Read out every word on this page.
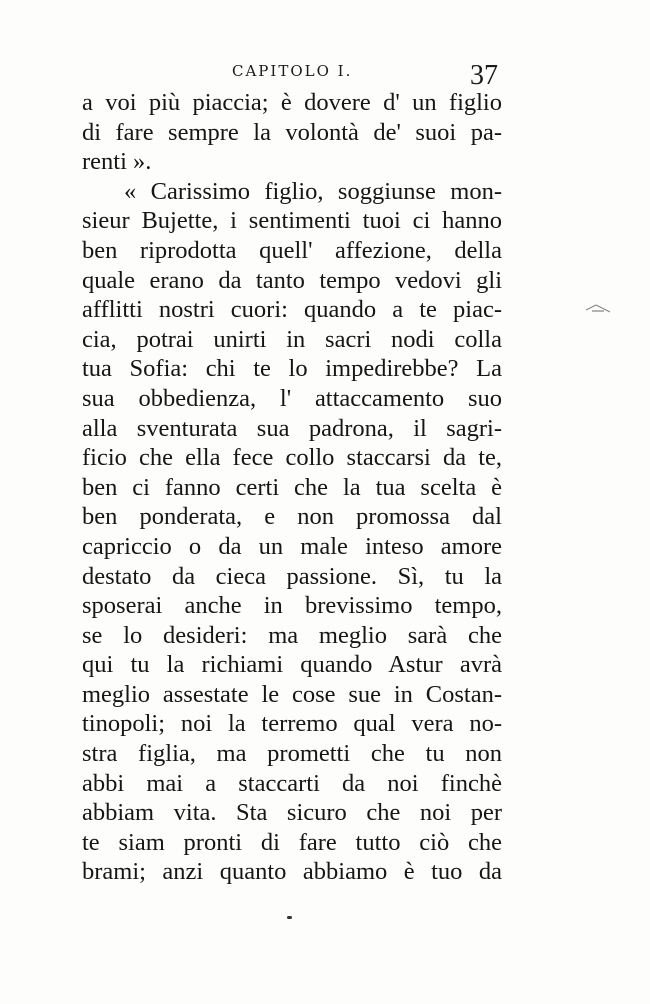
CAPITOLO I.	37
a voi più piaccia; è dovere d' un figlio
di fare sempre la volontà de' suoi pa-
renti ».
« Carissimo figlio, soggiunse mon-
sieur Bujette, i sentimenti tuoi ci hanno
ben riprodotta quell' affezione, della
quale erano da tanto tempo vedovi gli
afflitti nostri cuori: quando a te piac-
cia, potrai unirti in sacri nodi colla
tua Sofia: chi te lo impedirebbe? La
sua obbedienza, l' attaccamento suo
alla sventurata sua padrona, il sagri-
ficio che ella fece collo staccarsi da te,
ben ci fanno certi che la tua scelta è
ben ponderata, e non promossa dal
capriccio o da un male inteso amore
destato da cieca passione. Sì, tu la
sposerai anche in brevissimo tempo,
se lo desideri: ma meglio sarà che
qui tu la richiami quando Astur avrà
meglio assestate le cose sue in Costan-
tinopoli; noi la terremo qual vera no-
stra figlia, ma prometti che tu non
abbi mai a staccarti da noi finchè
abbiam vita. Sta sicuro che noi per
te siam pronti di fare tutto ciò che
brami; anzi quanto abbiamo è tuo da
